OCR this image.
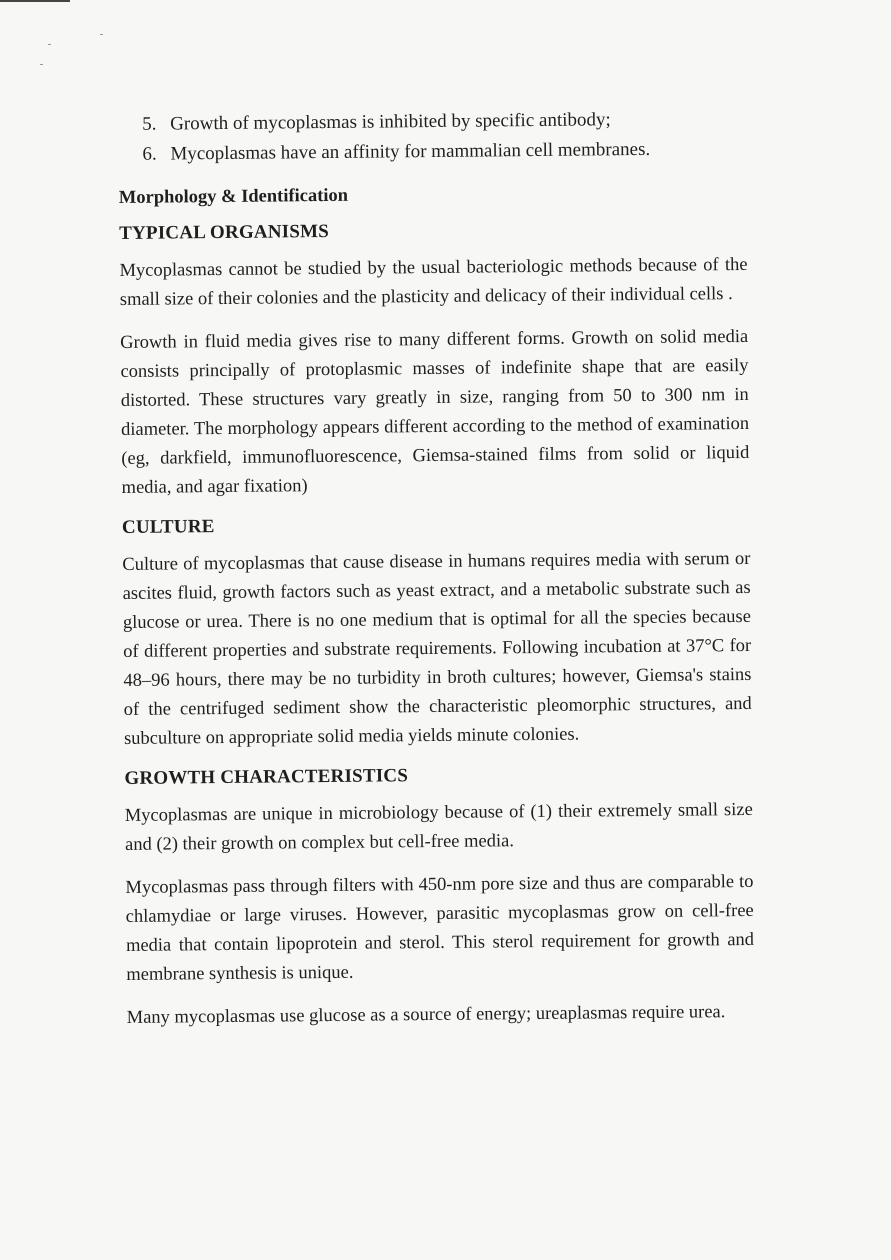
5. Growth of mycoplasmas is inhibited by specific antibody;
6. Mycoplasmas have an affinity for mammalian cell membranes.
Morphology & Identification
TYPICAL ORGANISMS

Mycoplasmas cannot be studied by the usual bacteriologic methods because of the small size of their colonies and the plasticity and delicacy of their individual cells .

Growth in fluid media gives rise to many different forms. Growth on solid media consists principally of protoplasmic masses of indefinite shape that are easily distorted. These structures vary greatly in size, ranging from 50 to 300 nm in diameter. The morphology appears different according to the method of examination (eg, darkfield, immunofluorescence, Giemsa-stained films from solid or liquid media, and agar fixation)

CULTURE

Culture of mycoplasmas that cause disease in humans requires media with serum or ascites fluid, growth factors such as yeast extract, and a metabolic substrate such as glucose or urea. There is no one medium that is optimal for all the species because of different properties and substrate requirements. Following incubation at 37°C for 48–96 hours, there may be no turbidity in broth cultures; however, Giemsa's stains of the centrifuged sediment show the characteristic pleomorphic structures, and subculture on appropriate solid media yields minute colonies.

GROWTH CHARACTERISTICS

Mycoplasmas are unique in microbiology because of (1) their extremely small size and (2) their growth on complex but cell-free media.

Mycoplasmas pass through filters with 450-nm pore size and thus are comparable to chlamydiae or large viruses. However, parasitic mycoplasmas grow on cell-free media that contain lipoprotein and sterol. This sterol requirement for growth and membrane synthesis is unique.

Many mycoplasmas use glucose as a source of energy; ureaplasmas require urea.
